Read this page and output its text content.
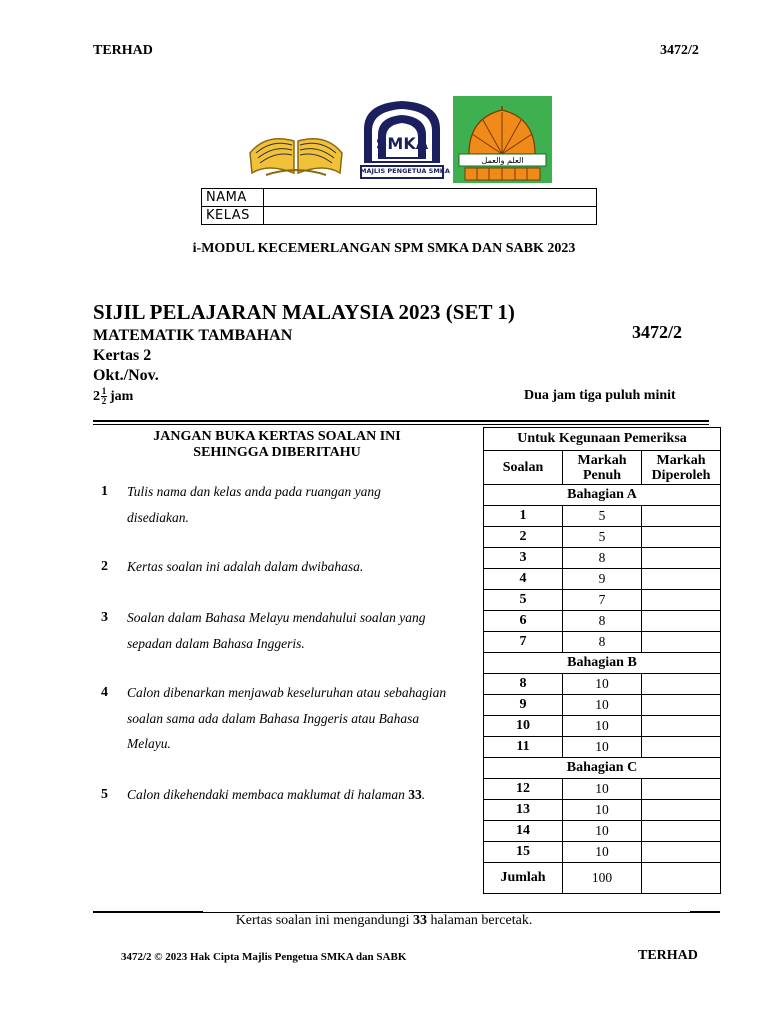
TERHAD	3472/2
SMKA
MAJLIS PENGETUA SMKA
العلم والعمل
NAMA	
KELAS	
i-MODUL KECEMERLANGAN SPM SMKA DAN SABK 2023
SIJIL PELAJARAN MALAYSIA 2023 (SET 1)
MATEMATIK TAMBAHAN	3472/2
Kertas 2
Okt./Nov.
$2 \frac{1}{2}$ jam	Dua jam tiga puluh minit
JANGAN BUKA KERTAS SOALAN INI SEHINGGA DIBERITAHU
1 Tulis nama dan kelas anda pada ruangan yang disediakan.
2 Kertas soalan ini adalah dalam dwibahasa.
3 Soalan dalam Bahasa Melayu mendahului soalan yang sepadan dalam Bahasa Inggeris.
4 Calon dibenarkan menjawab keseluruhan atau sebahagian soalan sama ada dalam Bahasa Inggeris atau Bahasa Melayu.
5 Calon dikehendaki membaca maklumat di halaman 33.
Untuk Kegunaan Pemeriksa		
Soalan	Markah Penuh	Markah Diperoleh
Bahagian A		
1	5	
2	5	
3	8	
4	9	
5	7	
6	8	
7	8	
Bahagian B		
8	10	
9	10	
10	10	
11	10	
Bahagian C		
12	10	
13	10	
14	10	
15	10	
Jumlah	100	
Kertas soalan ini mengandungi 33 halaman bercetak.
3472/2 © 2023 Hak Cipta Majlis Pengetua SMKA dan SABK	TERHAD
